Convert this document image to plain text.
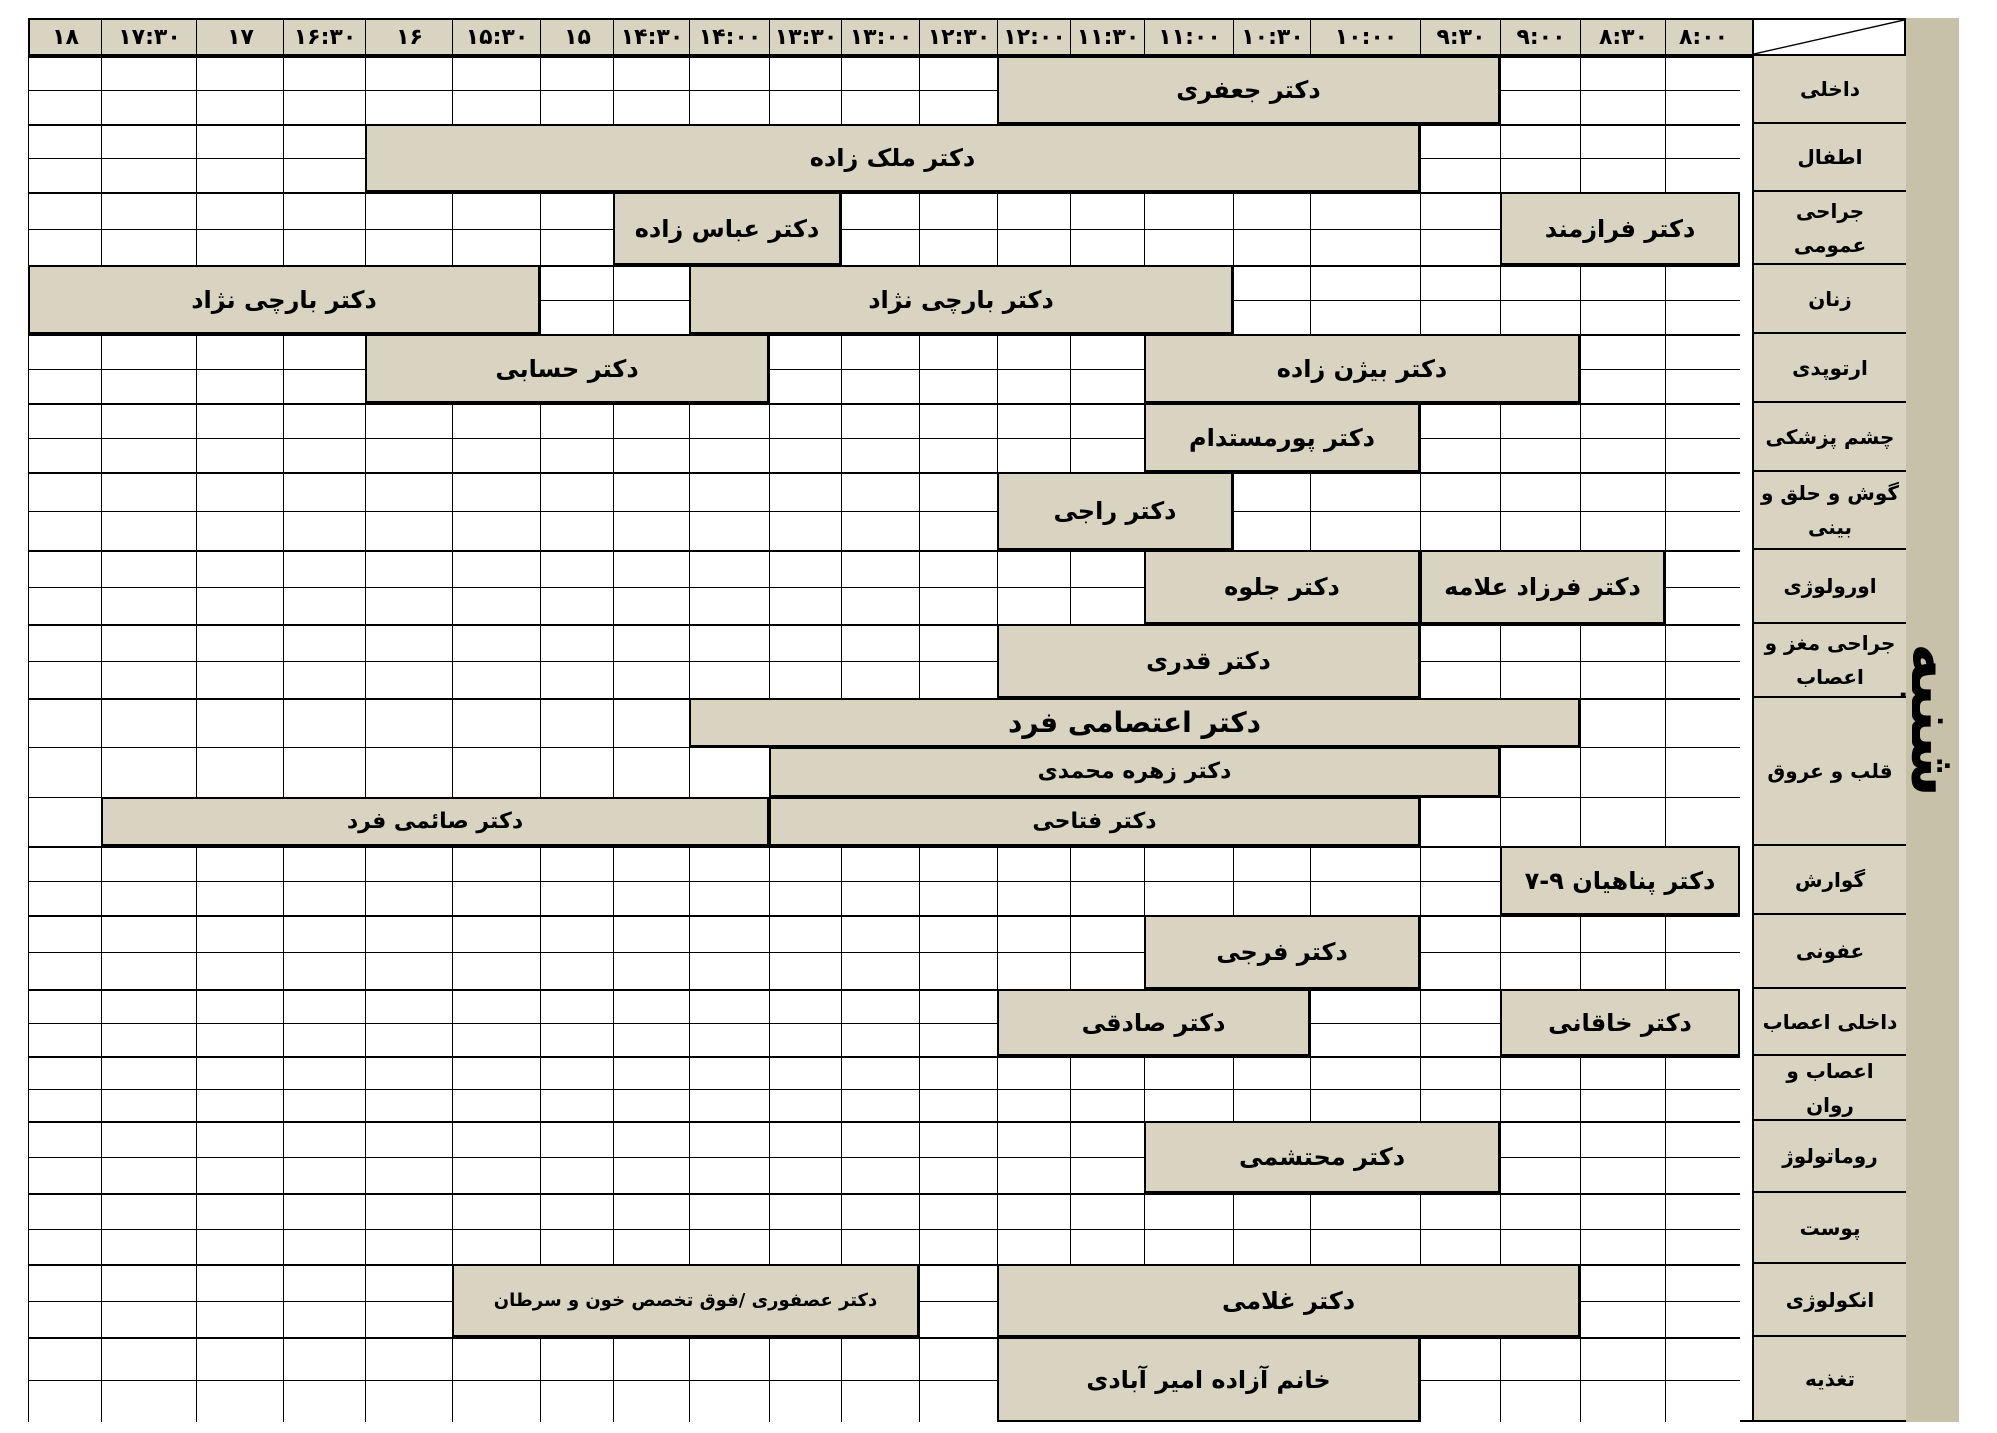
۸:۰۰
۸:۳۰
۹:۰۰
۹:۳۰
۱۰:۰۰
۱۰:۳۰
۱۱:۰۰
۱۱:۳۰
۱۲:۰۰
۱۲:۳۰
۱۳:۰۰
۱۳:۳۰
۱۴:۰۰
۱۴:۳۰
۱۵
۱۵:۳۰
۱۶
۱۶:۳۰
۱۷
۱۷:۳۰
۱۸
داخلی
دکتر جعفری
اطفال
دکتر ملک زاده
جراحی عمومی
دکتر فرازمند
دکتر عباس زاده
زنان
دکتر بارچی نژاد
دکتر بارچی نژاد
ارتوپدی
دکتر بیژن زاده
دکتر حسابی
چشم پزشکی
دکتر پورمستدام
گوش و حلق و بینی
دکتر راجی
اورولوژی
دکتر فرزاد علامه
دکتر جلوه
جراحی مغز و اعصاب
دکتر قدری
قلب و عروق
دکتر اعتصامی فرد
دکتر زهره محمدی
دکتر فتاحی
دکتر صائمی فرد
گوارش
دکتر پناهیان ۹-۷
عفونی
دکتر فرجی
داخلی اعصاب
دکتر خاقانی
دکتر صادقی
اعصاب و روان
روماتولوژ
دکتر محتشمی
پوست
انکولوژی
دکتر غلامی
دکتر عصفوری /فوق تخصص خون و سرطان
تغذیه
خانم آزاده امیر آبادی
شنبه
